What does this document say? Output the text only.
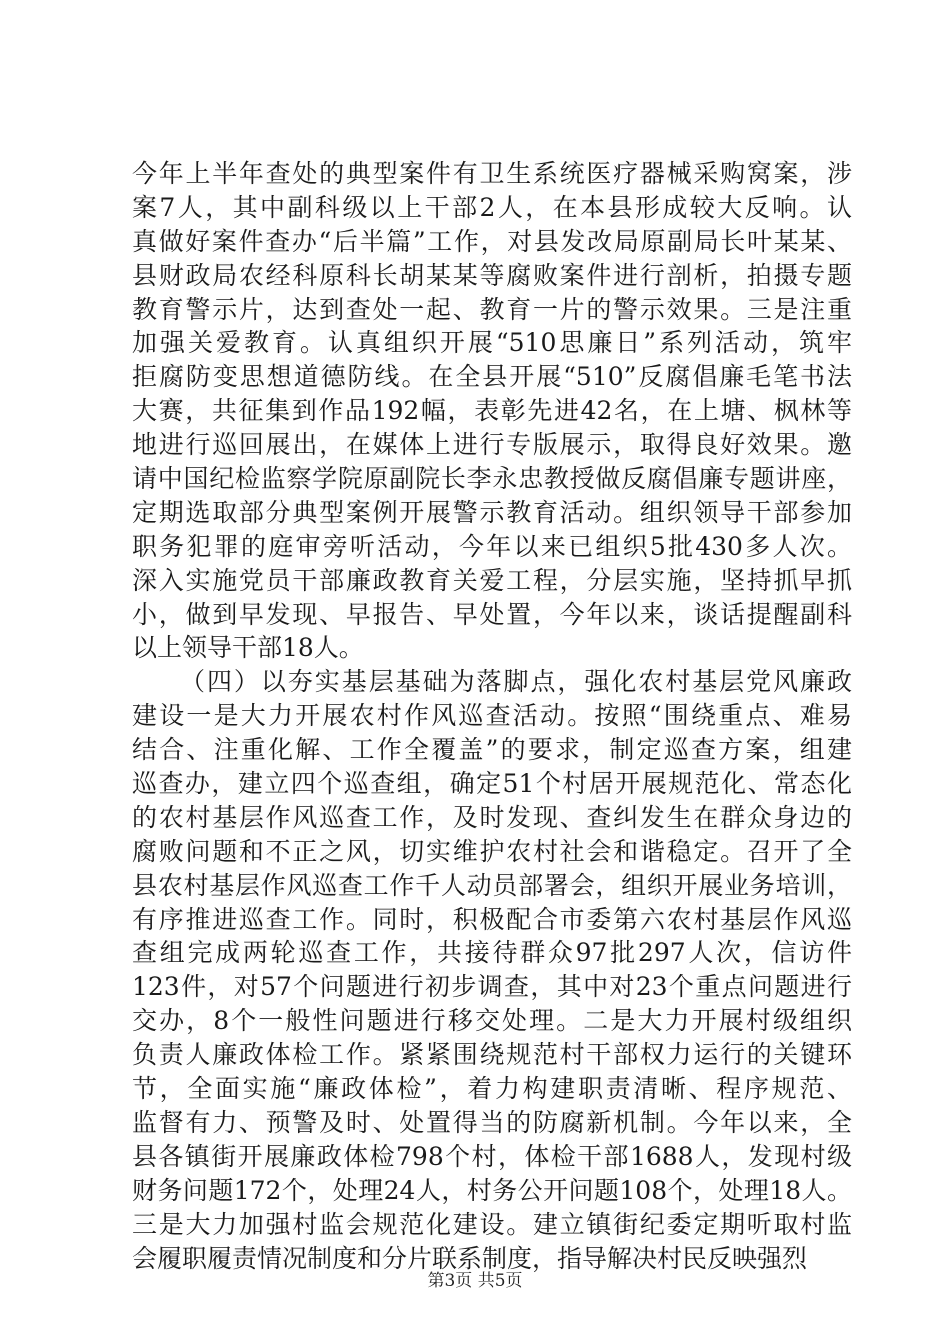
今年上半年查处的典型案件有卫生系统医疗器械采购窝案，涉
案7人，其中副科级以上干部2人，在本县形成较大反响。认
真做好案件查办“后半篇”工作，对县发改局原副局长叶某某、
县财政局农经科原科长胡某某等腐败案件进行剖析，拍摄专题
教育警示片，达到查处一起、教育一片的警示效果。三是注重
加强关爱教育。认真组织开展“510思廉日”系列活动，筑牢
拒腐防变思想道德防线。在全县开展“510”反腐倡廉毛笔书法
大赛，共征集到作品192幅，表彰先进42名，在上塘、枫林等
地进行巡回展出，在媒体上进行专版展示，取得良好效果。邀
请中国纪检监察学院原副院长李永忠教授做反腐倡廉专题讲座，
定期选取部分典型案例开展警示教育活动。组织领导干部参加
职务犯罪的庭审旁听活动，今年以来已组织5批430多人次。
深入实施党员干部廉政教育关爱工程，分层实施，坚持抓早抓
小，做到早发现、早报告、早处置，今年以来，谈话提醒副科
以上领导干部18人。
（四）以夯实基层基础为落脚点，强化农村基层党风廉政
建设一是大力开展农村作风巡查活动。按照“围绕重点、难易
结合、注重化解、工作全覆盖”的要求，制定巡查方案，组建
巡查办，建立四个巡查组，确定51个村居开展规范化、常态化
的农村基层作风巡查工作，及时发现、查纠发生在群众身边的
腐败问题和不正之风，切实维护农村社会和谐稳定。召开了全
县农村基层作风巡查工作千人动员部署会，组织开展业务培训，
有序推进巡查工作。同时，积极配合市委第六农村基层作风巡
查组完成两轮巡查工作，共接待群众97批297人次，信访件
123件，对57个问题进行初步调查，其中对23个重点问题进行
交办，8个一般性问题进行移交处理。二是大力开展村级组织
负责人廉政体检工作。紧紧围绕规范村干部权力运行的关键环
节，全面实施“廉政体检”，着力构建职责清晰、程序规范、
监督有力、预警及时、处置得当的防腐新机制。今年以来，全
县各镇街开展廉政体检798个村，体检干部1688人，发现村级
财务问题172个，处理24人，村务公开问题108个，处理18人。
三是大力加强村监会规范化建设。建立镇街纪委定期听取村监
会履职履责情况制度和分片联系制度，指导解决村民反映强烈
第3页 共5页
